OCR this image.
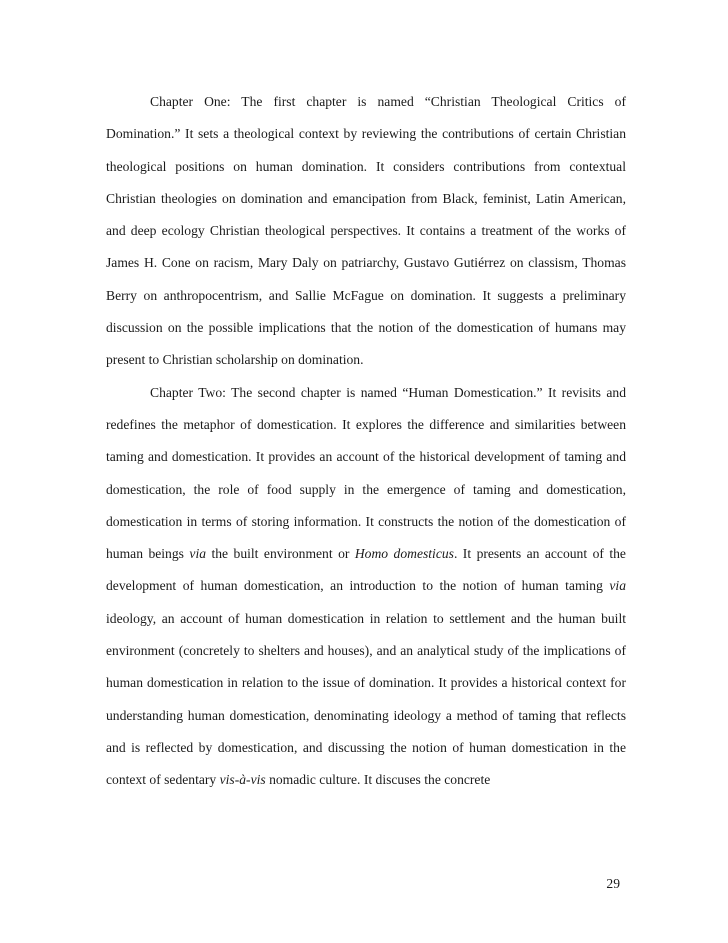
Chapter One: The first chapter is named “Christian Theological Critics of Domination.” It sets a theological context by reviewing the contributions of certain Christian theological positions on human domination. It considers contributions from contextual Christian theologies on domination and emancipation from Black, feminist, Latin American, and deep ecology Christian theological perspectives. It contains a treatment of the works of James H. Cone on racism, Mary Daly on patriarchy, Gustavo Gutiérrez on classism, Thomas Berry on anthropocentrism, and Sallie McFague on domination. It suggests a preliminary discussion on the possible implications that the notion of the domestication of humans may present to Christian scholarship on domination.

Chapter Two: The second chapter is named “Human Domestication.” It revisits and redefines the metaphor of domestication. It explores the difference and similarities between taming and domestication. It provides an account of the historical development of taming and domestication, the role of food supply in the emergence of taming and domestication, domestication in terms of storing information. It constructs the notion of the domestication of human beings via the built environment or Homo domesticus. It presents an account of the development of human domestication, an introduction to the notion of human taming via ideology, an account of human domestication in relation to settlement and the human built environment (concretely to shelters and houses), and an analytical study of the implications of human domestication in relation to the issue of domination. It provides a historical context for understanding human domestication, denominating ideology a method of taming that reflects and is reflected by domestication, and discussing the notion of human domestication in the context of sedentary vis-à-vis nomadic culture. It discuses the concrete

29
